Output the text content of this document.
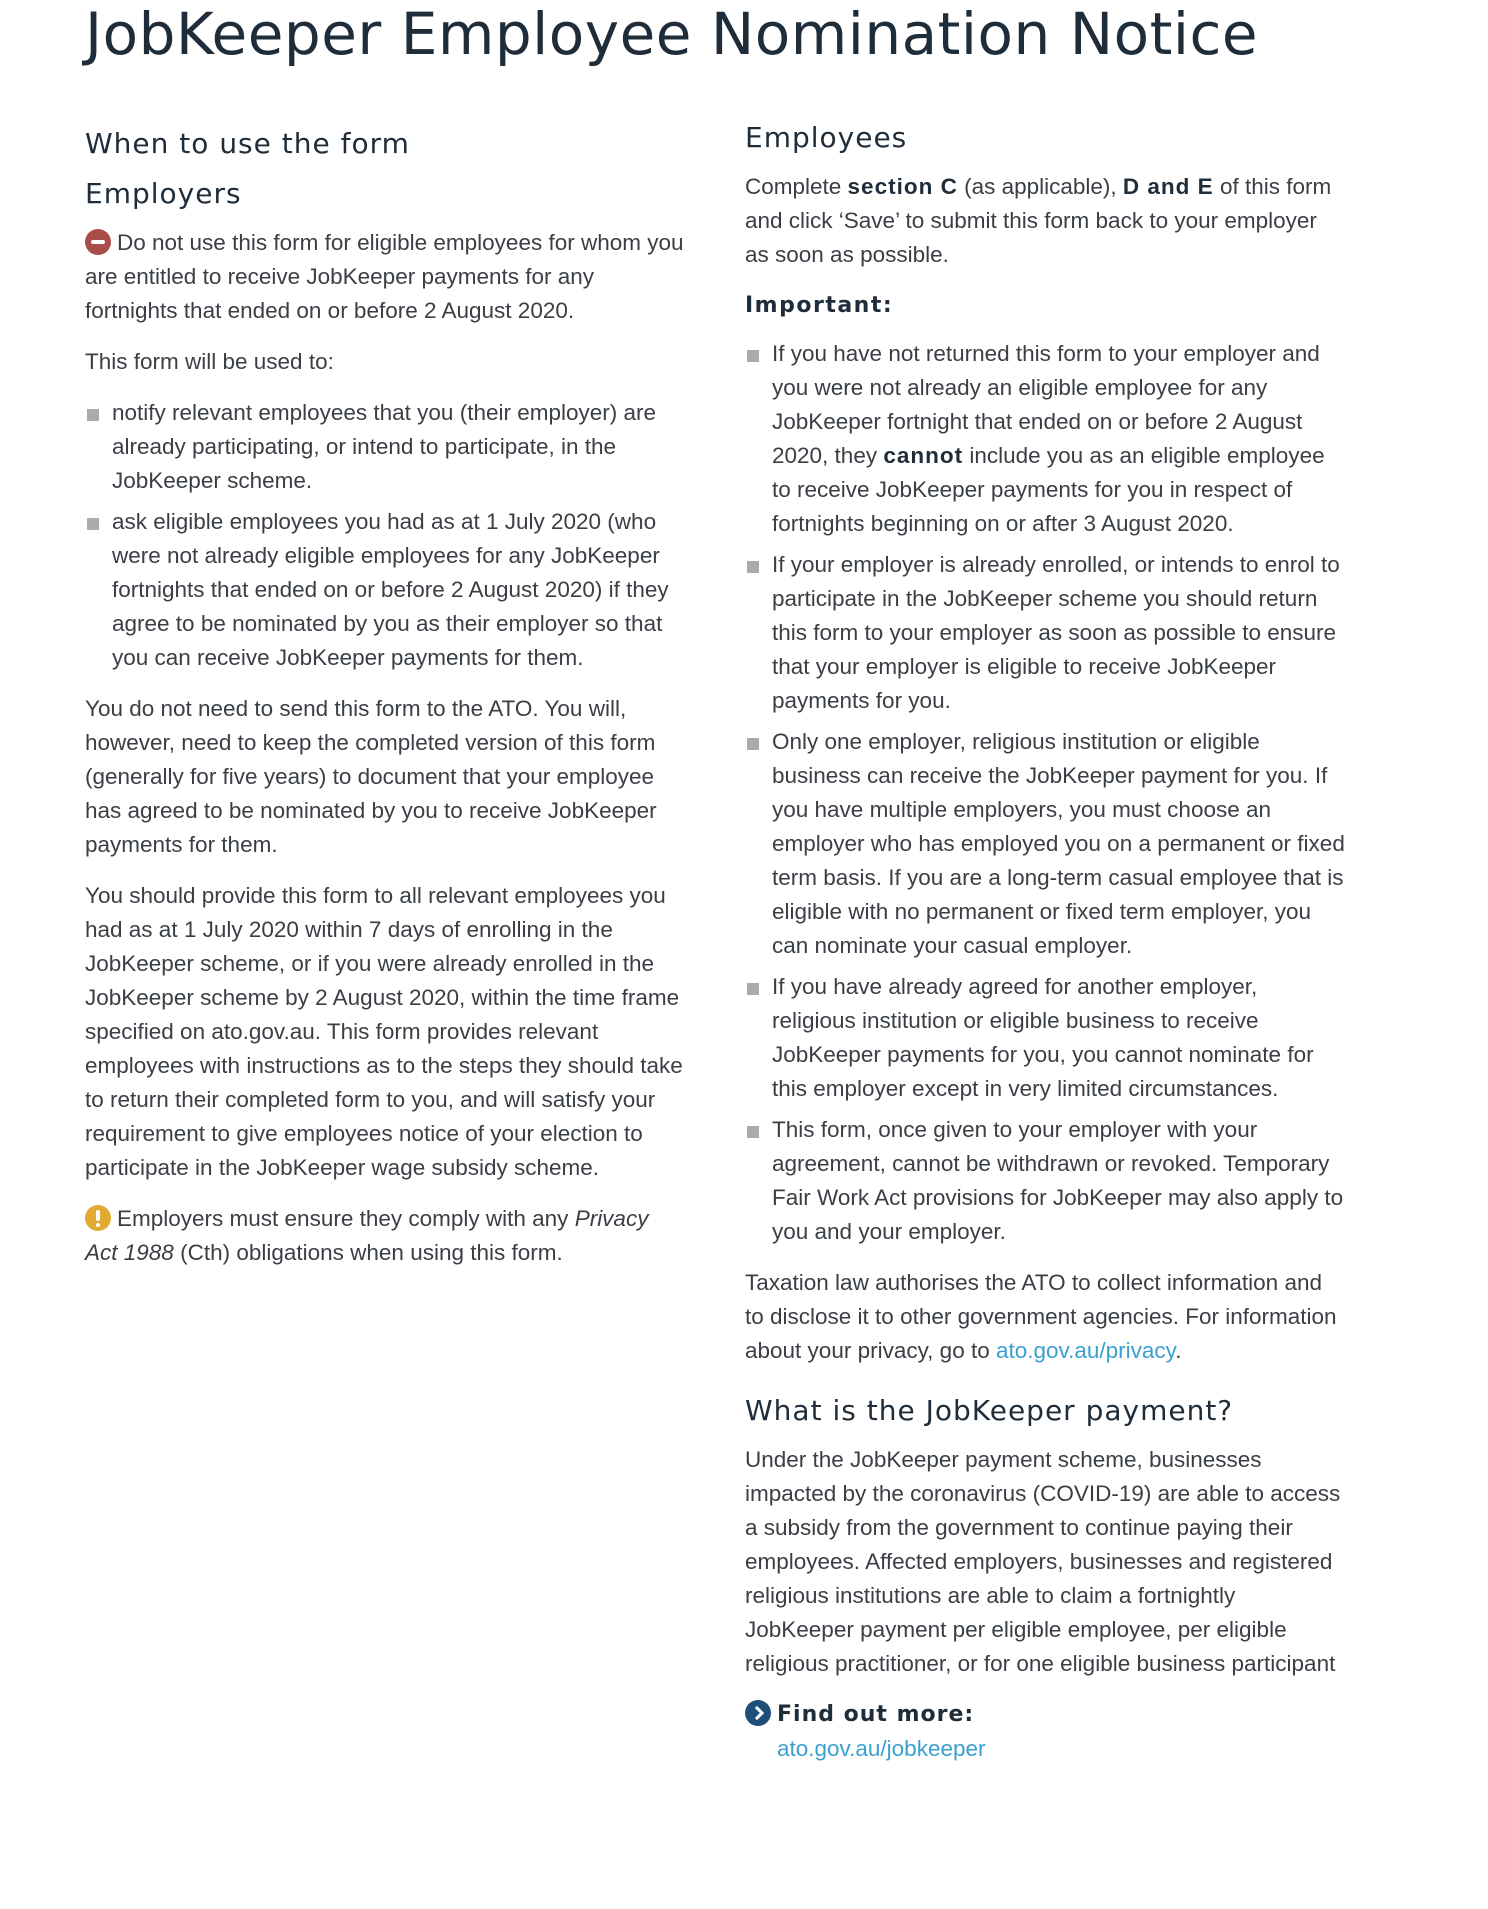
JobKeeper Employee Nomination Notice
When to use the form
Employers

Do not use this form for eligible employees for whom you are entitled to receive JobKeeper payments for any fortnights that ended on or before 2 August 2020.

This form will be used to:

notify relevant employees that you (their employer) are already participating, or intend to participate, in the JobKeeper scheme.
ask eligible employees you had as at 1 July 2020 (who were not already eligible employees for any JobKeeper fortnights that ended on or before 2 August 2020) if they agree to be nominated by you as their employer so that you can receive JobKeeper payments for them.

You do not need to send this form to the ATO. You will, however, need to keep the completed version of this form (generally for five years) to document that your employee has agreed to be nominated by you to receive JobKeeper payments for them.

You should provide this form to all relevant employees you had as at 1 July 2020 within 7 days of enrolling in the JobKeeper scheme, or if you were already enrolled in the JobKeeper scheme by 2 August 2020, within the time frame specified on ato.gov.au. This form provides relevant employees with instructions as to the steps they should take to return their completed form to you, and will satisfy your requirement to give employees notice of your election to participate in the JobKeeper wage subsidy scheme.

Employers must ensure they comply with any Privacy Act 1988 (Cth) obligations when using this form.

Employees

Complete section C (as applicable), D and E of this form and click ‘Save’ to submit this form back to your employer as soon as possible.

Important:
If you have not returned this form to your employer and you were not already an eligible employee for any JobKeeper fortnight that ended on or before 2 August 2020, they cannot include you as an eligible employee to receive JobKeeper payments for you in respect of fortnights beginning on or after 3 August 2020.
If your employer is already enrolled, or intends to enrol to participate in the JobKeeper scheme you should return this form to your employer as soon as possible to ensure that your employer is eligible to receive JobKeeper payments for you.
Only one employer, religious institution or eligible business can receive the JobKeeper payment for you. If you have multiple employers, you must choose an employer who has employed you on a permanent or fixed term basis. If you are a long-term casual employee that is eligible with no permanent or fixed term employer, you can nominate your casual employer.
If you have already agreed for another employer, religious institution or eligible business to receive JobKeeper payments for you, you cannot nominate for this employer except in very limited circumstances.
This form, once given to your employer with your agreement, cannot be withdrawn or revoked. Temporary Fair Work Act provisions for JobKeeper may also apply to you and your employer.

Taxation law authorises the ATO to collect information and to disclose it to other government agencies. For information about your privacy, go to ato.gov.au/privacy.

What is the JobKeeper payment?

Under the JobKeeper payment scheme, businesses impacted by the coronavirus (COVID-19) are able to access a subsidy from the government to continue paying their employees. Affected employers, businesses and registered religious institutions are able to claim a fortnightly JobKeeper payment per eligible employee, per eligible religious practitioner, or for one eligible business participant

Find out more:

ato.gov.au/jobkeeper
